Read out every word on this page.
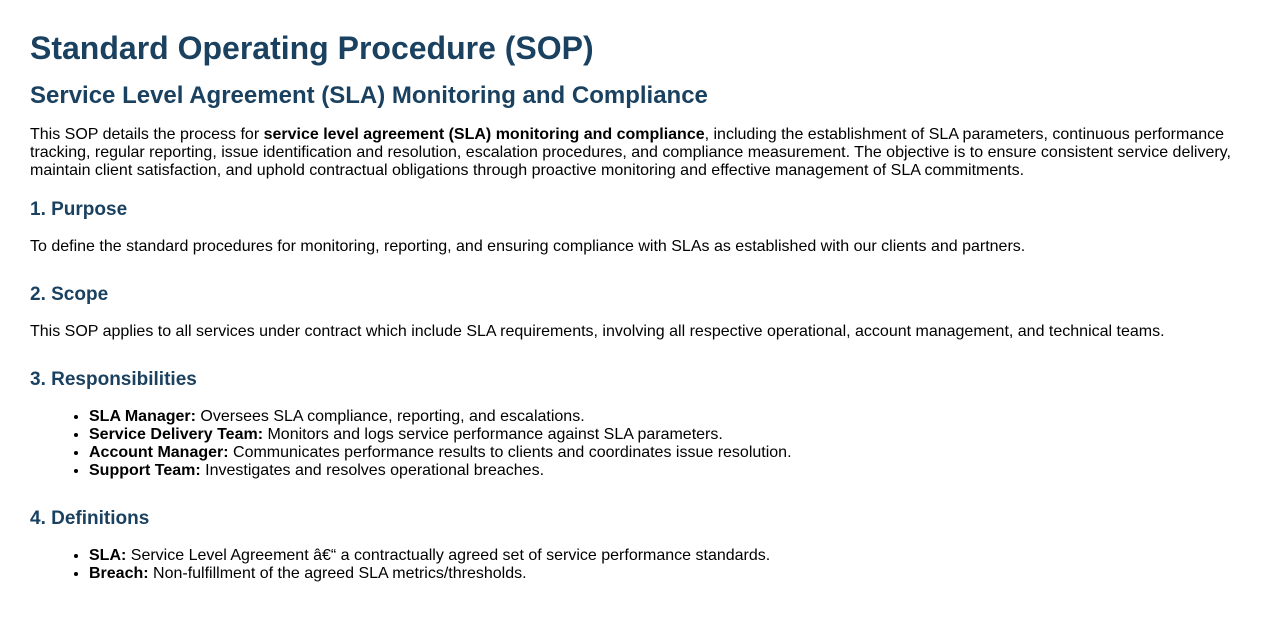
Standard Operating Procedure (SOP)
Service Level Agreement (SLA) Monitoring and Compliance

This SOP details the process for service level agreement (SLA) monitoring and compliance, including the establishment of SLA parameters, continuous performance tracking, regular reporting, issue identification and resolution, escalation procedures, and compliance measurement. The objective is to ensure consistent service delivery, maintain client satisfaction, and uphold contractual obligations through proactive monitoring and effective management of SLA commitments.

1. Purpose

To define the standard procedures for monitoring, reporting, and ensuring compliance with SLAs as established with our clients and partners.

2. Scope

This SOP applies to all services under contract which include SLA requirements, involving all respective operational, account management, and technical teams.

3. Responsibilities
• SLA Manager: Oversees SLA compliance, reporting, and escalations.
• Service Delivery Team: Monitors and logs service performance against SLA parameters.
• Account Manager: Communicates performance results to clients and coordinates issue resolution.
• Support Team: Investigates and resolves operational breaches.
4. Definitions
• SLA: Service Level Agreement â€“ a contractually agreed set of service performance standards.
• Breach: Non-fulfillment of the agreed SLA metrics/thresholds.
